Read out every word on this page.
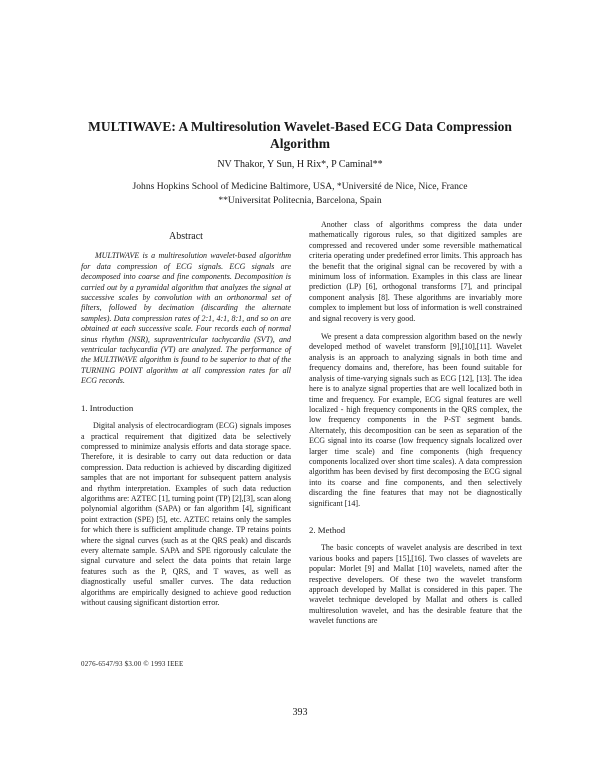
MULTIWAVE: A Multiresolution Wavelet-Based ECG Data Compression Algorithm
NV Thakor, Y Sun, H Rix*, P Caminal**
Johns Hopkins School of Medicine Baltimore, USA, *Université de Nice, Nice, France
**Universitat Politecnia, Barcelona, Spain
Abstract

MULTIWAVE is a multiresolution wavelet-based algorithm for data compression of ECG signals. ECG signals are decomposed into coarse and fine components. Decomposition is carried out by a pyramidal algorithm that analyzes the signal at successive scales by convolution with an orthonormal set of filters, followed by decimation (discarding the alternate samples). Data compression rates of 2:1, 4:1, 8:1, and so on are obtained at each successive scale. Four records each of normal sinus rhythm (NSR), supraventricular tachycardia (SVT), and ventricular tachycardia (VT) are analyzed. The performance of the MULTIWAVE algorithm is found to be superior to that of the TURNING POINT algorithm at all compression rates for all ECG records.

1. Introduction

Digital analysis of electrocardiogram (ECG) signals imposes a practical requirement that digitized data be selectively compressed to minimize analysis efforts and data storage space. Therefore, it is desirable to carry out data reduction or data compression. Data reduction is achieved by discarding digitized samples that are not important for subsequent pattern analysis and rhythm interpretation. Examples of such data reduction algorithms are: AZTEC [1], turning point (TP) [2],[3], scan along polynomial algorithm (SAPA) or fan algorithm [4], significant point extraction (SPE) [5], etc. AZTEC retains only the samples for which there is sufficient amplitude change. TP retains points where the signal curves (such as at the QRS peak) and discards every alternate sample. SAPA and SPE rigorously calculate the signal curvature and select the data points that retain large features such as the P, QRS, and T waves, as well as diagnostically useful smaller curves. The data reduction algorithms are empirically designed to achieve good reduction without causing significant distortion error.

Another class of algorithms compress the data under mathematically rigorous rules, so that digitized samples are compressed and recovered under some reversible mathematical criteria operating under predefined error limits. This approach has the benefit that the original signal can be recovered by with a minimum loss of information. Examples in this class are linear prediction (LP) [6], orthogonal transforms [7], and principal component analysis [8]. These algorithms are invariably more complex to implement but loss of information is well constrained and signal recovery is very good.

We present a data compression algorithm based on the newly developed method of wavelet transform [9],[10],[11]. Wavelet analysis is an approach to analyzing signals in both time and frequency domains and, therefore, has been found suitable for analysis of time-varying signals such as ECG [12], [13]. The idea here is to analyze signal properties that are well localized both in time and frequency. For example, ECG signal features are well localized - high frequency components in the QRS complex, the low frequency components in the P-ST segment bands. Alternately, this decomposition can be seen as separation of the ECG signal into its coarse (low frequency signals localized over larger time scale) and fine components (high frequency components localized over short time scales). A data compression algorithm has been devised by first decomposing the ECG signal into its coarse and fine components, and then selectively discarding the fine features that may not be diagnostically significant [14].

2. Method

The basic concepts of wavelet analysis are described in text various books and papers [15],[16]. Two classes of wavelets are popular: Morlet [9] and Mallat [10] wavelets, named after the respective developers. Of these two the wavelet transform approach developed by Mallat is considered in this paper. The wavelet technique developed by Mallat and others is called multiresolution wavelet, and has the desirable feature that the wavelet functions are

0276-6547/93 $3.00 © 1993 IEEE
393
